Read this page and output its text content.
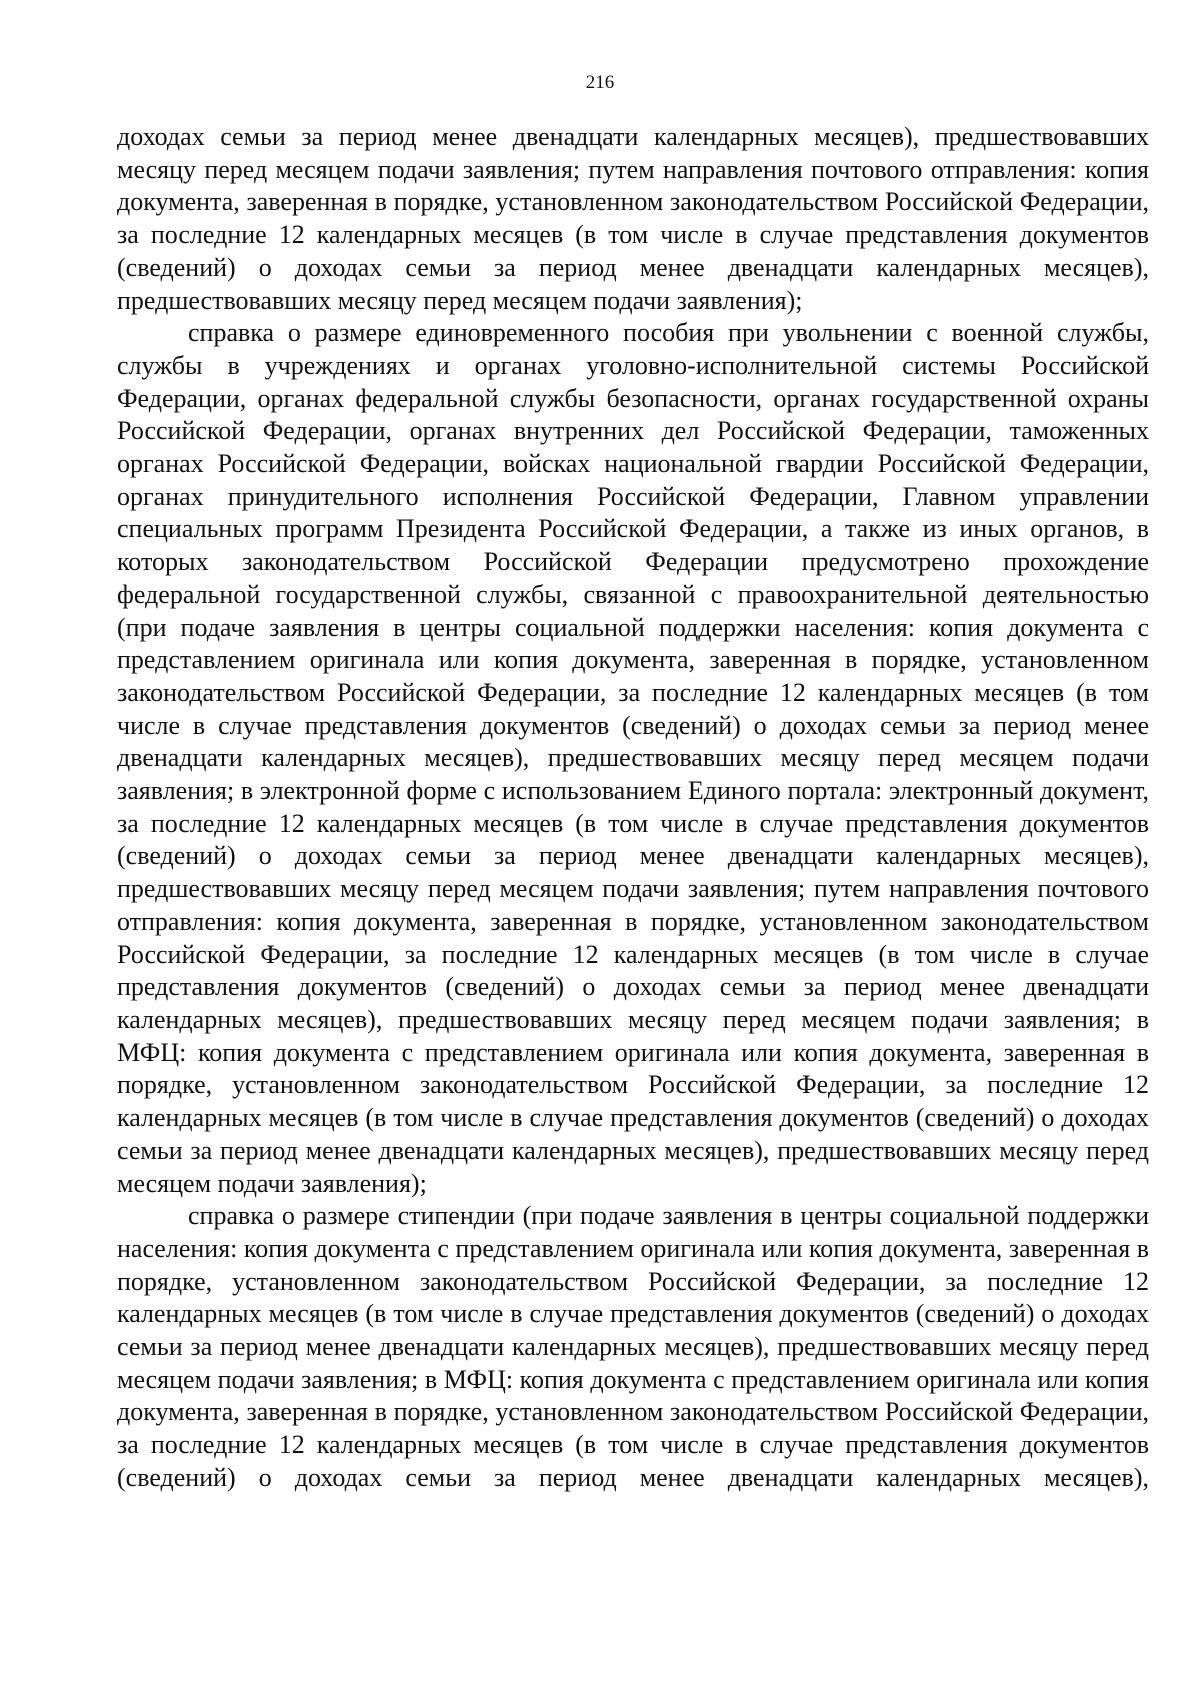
216

доходах семьи за период менее двенадцати календарных месяцев), предшествовавших месяцу перед месяцем подачи заявления; путем направления почтового отправления: копия документа, заверенная в порядке, установленном законодательством Российской Федерации, за последние 12 календарных месяцев (в том числе в случае представления документов (сведений) о доходах семьи за период менее двенадцати календарных месяцев), предшествовавших месяцу перед месяцем подачи заявления);

справка о размере единовременного пособия при увольнении с военной службы, службы в учреждениях и органах уголовно-исполнительной системы Российской Федерации, органах федеральной службы безопасности, органах государственной охраны Российской Федерации, органах внутренних дел Российской Федерации, таможенных органах Российской Федерации, войсках национальной гвардии Российской Федерации, органах принудительного исполнения Российской Федерации, Главном управлении специальных программ Президента Российской Федерации, а также из иных органов, в которых законодательством Российской Федерации предусмотрено прохождение федеральной государственной службы, связанной с правоохранительной деятельностью (при подаче заявления в центры социальной поддержки населения: копия документа с представлением оригинала или копия документа, заверенная в порядке, установленном законодательством Российской Федерации, за последние 12 календарных месяцев (в том числе в случае представления документов (сведений) о доходах семьи за период менее двенадцати календарных месяцев), предшествовавших месяцу перед месяцем подачи заявления; в электронной форме с использованием Единого портала: электронный документ, за последние 12 календарных месяцев (в том числе в случае представления документов (сведений) о доходах семьи за период менее двенадцати календарных месяцев), предшествовавших месяцу перед месяцем подачи заявления; путем направления почтового отправления: копия документа, заверенная в порядке, установленном законодательством Российской Федерации, за последние 12 календарных месяцев (в том числе в случае представления документов (сведений) о доходах семьи за период менее двенадцати календарных месяцев), предшествовавших месяцу перед месяцем подачи заявления; в МФЦ: копия документа с представлением оригинала или копия документа, заверенная в порядке, установленном законодательством Российской Федерации, за последние 12 календарных месяцев (в том числе в случае представления документов (сведений) о доходах семьи за период менее двенадцати календарных месяцев), предшествовавших месяцу перед месяцем подачи заявления);

справка о размере стипендии (при подаче заявления в центры социальной поддержки населения: копия документа с представлением оригинала или копия документа, заверенная в порядке, установленном законодательством Российской Федерации, за последние 12 календарных месяцев (в том числе в случае представления документов (сведений) о доходах семьи за период менее двенадцати календарных месяцев), предшествовавших месяцу перед месяцем подачи заявления; в МФЦ: копия документа с представлением оригинала или копия документа, заверенная в порядке, установленном законодательством Российской Федерации, за последние 12 календарных месяцев (в том числе в случае представления документов (сведений) о доходах семьи за период менее двенадцати календарных месяцев),
